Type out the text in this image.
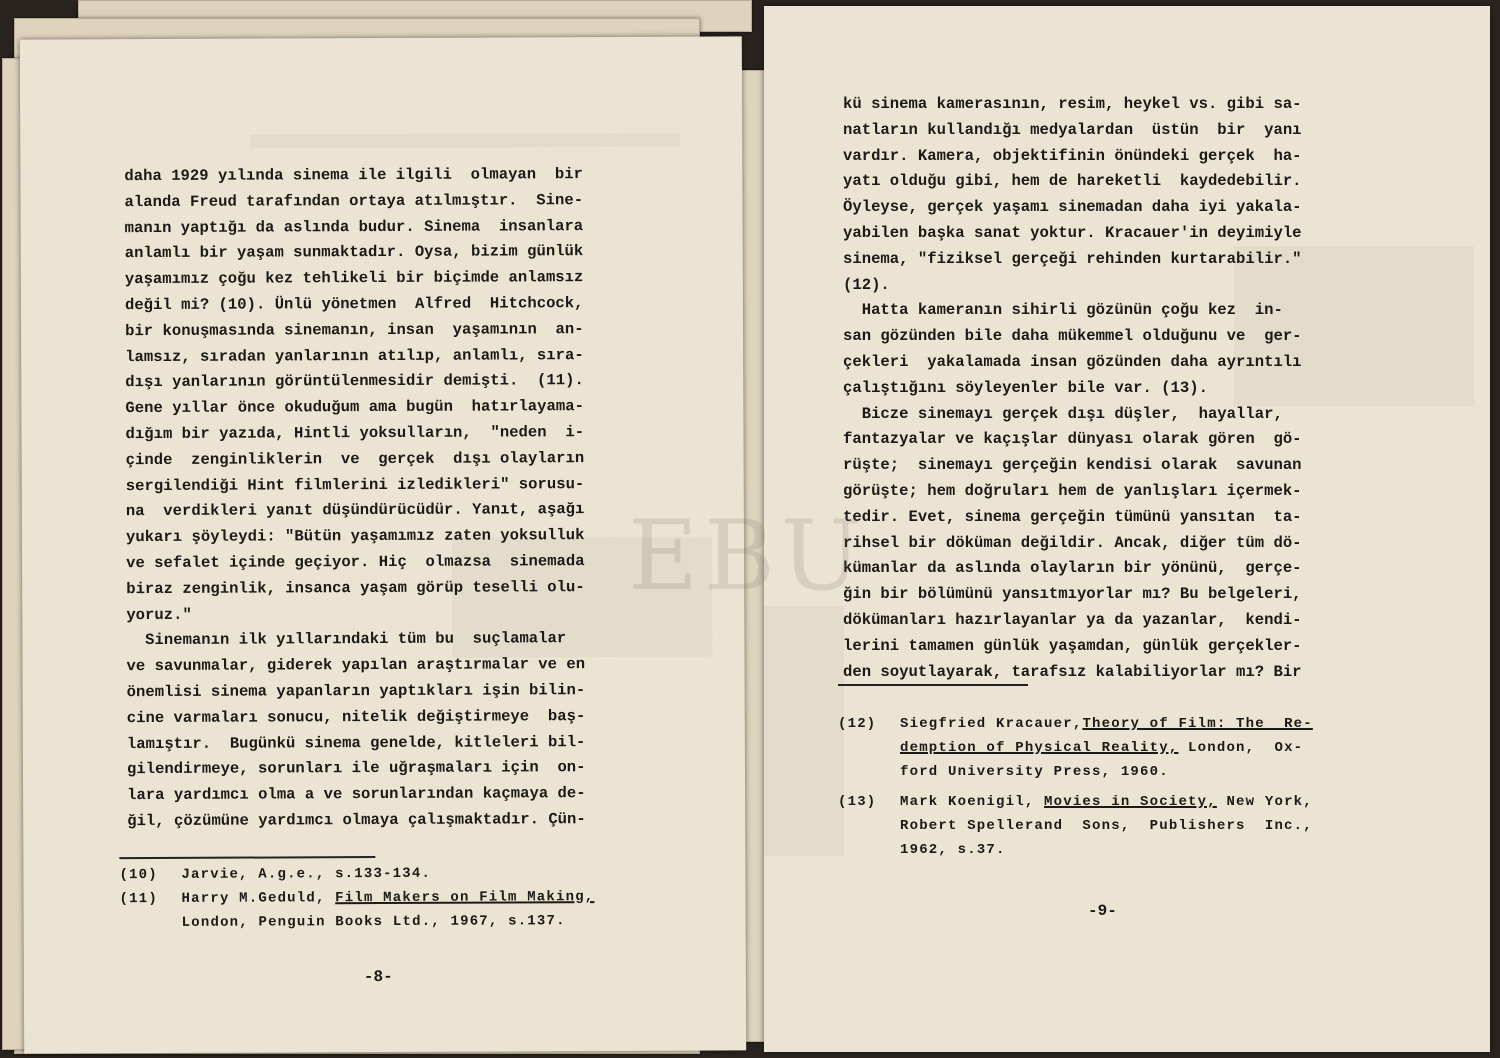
daha 1929 yılında sinema ile ilgili  olmayan  bir
alanda Freud tarafından ortaya atılmıştır.  Sine-
manın yaptığı da aslında budur. Sinema  insanlara
anlamlı bir yaşam sunmaktadır. Oysa, bizim günlük
yaşamımız çoğu kez tehlikeli bir biçimde anlamsız
değil mi? (10). Ünlü yönetmen  Alfred  Hitchcock,
bir konuşmasında sinemanın, insan  yaşamının  an-
lamsız, sıradan yanlarının atılıp, anlamlı, sıra-
dışı yanlarının görüntülenmesidir demişti.  (11).
Gene yıllar önce okuduğum ama bugün  hatırlayama-
dığım bir yazıda, Hintli yoksulların,  "neden  i-
çinde  zenginliklerin  ve  gerçek  dışı olayların
sergilendiği Hint filmlerini izledikleri" sorusu-
na  verdikleri yanıt düşündürücüdür. Yanıt, aşağı
yukarı şöyleydi: "Bütün yaşamımız zaten yoksulluk
ve sefalet içinde geçiyor. Hiç  olmazsa  sinemada
biraz zenginlik, insanca yaşam görüp teselli olu-
yoruz."
Sinemanın ilk yıllarındaki tüm bu  suçlamalar
ve savunmalar, giderek yapılan araştırmalar ve en
önemlisi sinema yapanların yaptıkları işin bilin-
cine varmaları sonucu, nitelik değiştirmeye  baş-
lamıştır.  Bugünkü sinema genelde, kitleleri bil-
gilendirmeye, sorunları ile uğraşmaları için  on-
lara yardımcı olma a ve sorunlarından kaçmaya de-
ğil, çözümüne yardımcı olmaya çalışmaktadır. Çün-
(10) Jarvie, A.g.e., s.133-134.
(11) Harry M.Geduld, Film Makers on Film Making,
London, Penguin Books Ltd., 1967, s.137.
-8-
kü sinema kamerasının, resim, heykel vs. gibi sa-
natların kullandığı medyalardan  üstün  bir  yanı
vardır. Kamera, objektifinin önündeki gerçek  ha-
yatı olduğu gibi, hem de hareketli  kaydedebilir.
Öyleyse, gerçek yaşamı sinemadan daha iyi yakala-
yabilen başka sanat yoktur. Kracauer'in deyimiyle
sinema, "fiziksel gerçeği rehinden kurtarabilir."
(12).
Hatta kameranın sihirli gözünün çoğu kez  in-
san gözünden bile daha mükemmel olduğunu ve  ger-
çekleri  yakalamada insan gözünden daha ayrıntılı
çalıştığını söyleyenler bile var. (13).
Bicze sinemayı gerçek dışı düşler,  hayallar,
fantazyalar ve kaçışlar dünyası olarak gören  gö-
rüşte;  sinemayı gerçeğin kendisi olarak  savunan
görüşte; hem doğruları hem de yanlışları içermek-
tedir. Evet, sinema gerçeğin tümünü yansıtan  ta-
rihsel bir döküman değildir. Ancak, diğer tüm dö-
kümanlar da aslında olayların bir yönünü,  gerçe-
ğin bir bölümünü yansıtmıyorlar mı? Bu belgeleri,
dökümanları hazırlayanlar ya da yazanlar,  kendi-
lerini tamamen günlük yaşamdan, günlük gerçekler-
den soyutlayarak, tarafsız kalabiliyorlar mı? Bir
(12) Siegfried Kracauer,Theory of Film: The  Re-
demption of Physical Reality, London,  Ox-
ford University Press, 1960.
(13) Mark Koenigil, Movies in Society, New York,
Robert Spellerand  Sons,  Publishers  Inc.,
1962, s.37.
-9-
EBU
